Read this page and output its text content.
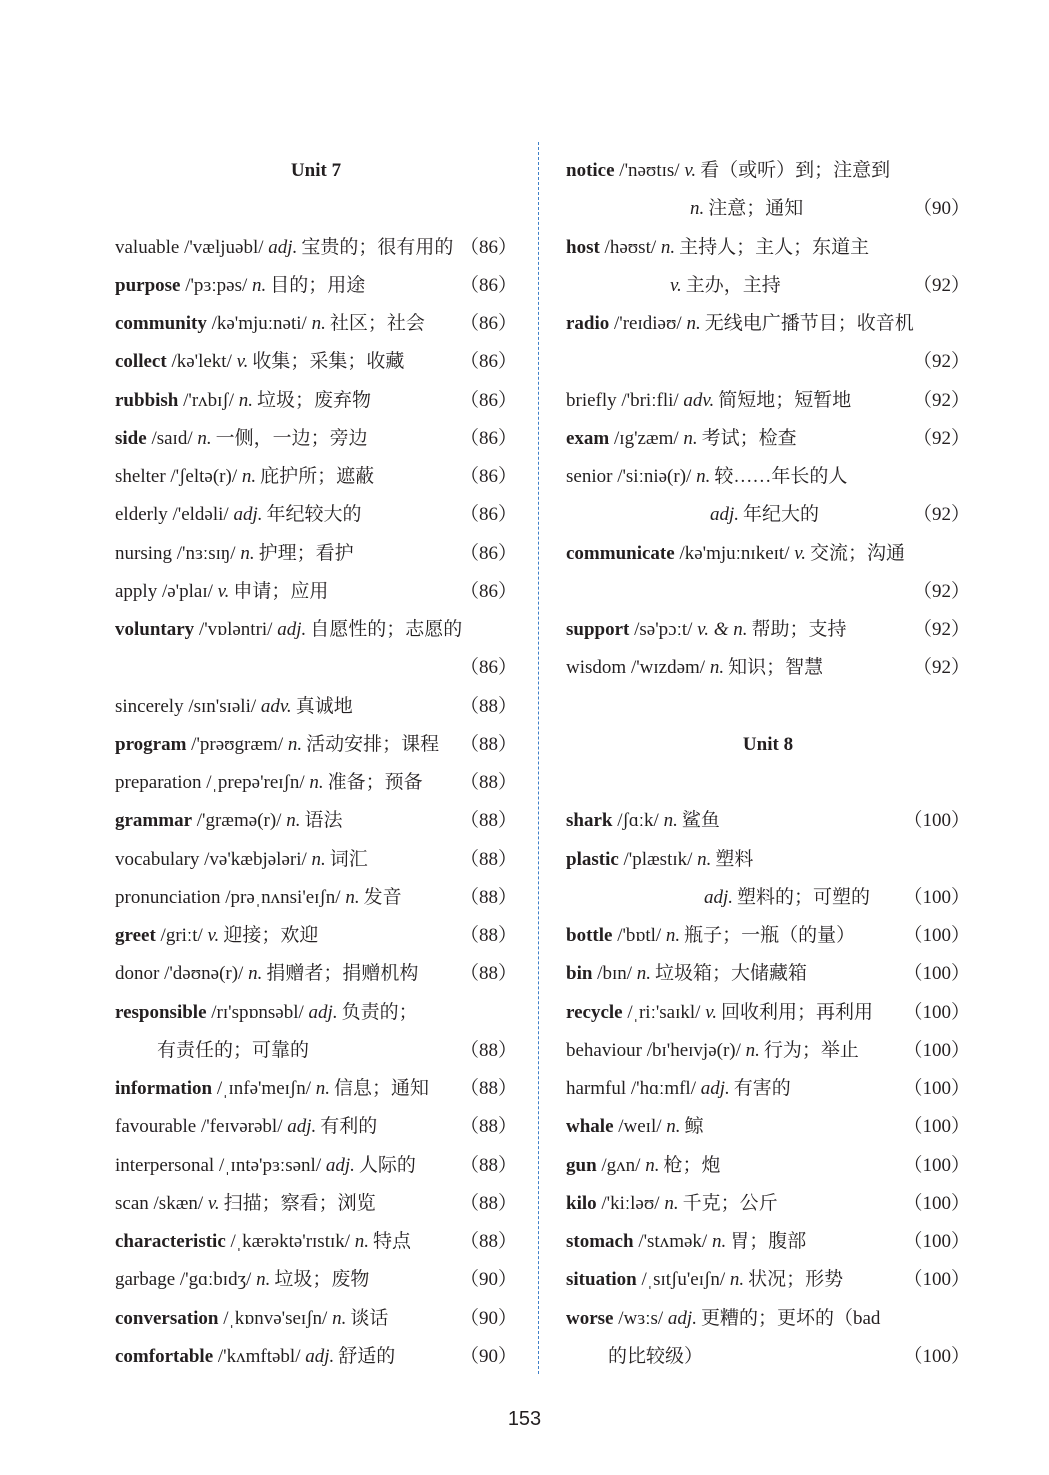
Unit 7
valuable /'væljuəbl/ adj. 宝贵的；很有用的 （86）
purpose /'pɜːpəs/ n. 目的；用途	（86）
community /kə'mjuːnəti/ n. 社区；社会 （86）
collect /kə'lekt/ v. 收集；采集；收藏	（86）
rubbish /'rʌbɪʃ/ n. 垃圾；废弃物	（86）
side /saɪd/ n. 一侧，一边；旁边	（86）
shelter /'ʃeltə(r)/ n. 庇护所；遮蔽	（86）
elderly /'eldəli/ adj. 年纪较大的	（86）
nursing /'nɜːsɪŋ/ n. 护理；看护	（86）
apply /ə'plaɪ/ v. 申请；应用	（86）
voluntary /'vɒləntri/ adj. 自愿性的；志愿的
（86）
sincerely /sɪn'sɪəli/ adv. 真诚地	（88）
program /'prəʊgræm/ n. 活动安排；课程 （88）
preparation /ˌprepə'reɪʃn/ n. 准备；预备 （88）
grammar /'græmə(r)/ n. 语法	（88）
vocabulary /və'kæbjələri/ n. 词汇	（88）
pronunciation /prəˌnʌnsi'eɪʃn/ n. 发音	（88）
greet /griːt/ v. 迎接；欢迎	（88）
donor /'dəʊnə(r)/ n. 捐赠者；捐赠机构 （88）
responsible /rɪ'spɒnsəbl/ adj. 负责的；
有责任的；可靠的	（88）
information /ˌɪnfə'meɪʃn/ n. 信息；通知 （88）
favourable /'feɪvərəbl/ adj. 有利的	（88）
interpersonal /ˌɪntə'pɜːsənl/ adj. 人际的 （88）
scan /skæn/ v. 扫描；察看；浏览	（88）
characteristic /ˌkærəktə'rɪstɪk/ n. 特点	（88）
garbage /'gɑːbɪdʒ/ n. 垃圾；废物	（90）
conversation /ˌkɒnvə'seɪʃn/ n. 谈话	（90）
comfortable /'kʌmftəbl/ adj. 舒适的	（90）
notice /'nəʊtɪs/ v. 看（或听）到；注意到
n. 注意；通知	（90）
host /həʊst/ n. 主持人；主人；东道主
v. 主办，主持	（92）
radio /'reɪdiəʊ/ n. 无线电广播节目；收音机
（92）
briefly /'briːfli/ adv. 简短地；短暂地	（92）
exam /ɪg'zæm/ n. 考试；检查	（92）
senior /'siːniə(r)/ n. 较……年长的人
adj. 年纪大的	（92）
communicate /kə'mjuːnɪkeɪt/ v. 交流；沟通
（92）
support /sə'pɔːt/ v. & n. 帮助；支持	（92）
wisdom /'wɪzdəm/ n. 知识；智慧	（92）
Unit 8
shark /ʃɑːk/ n. 鲨鱼	（100）
plastic /'plæstɪk/ n. 塑料
adj. 塑料的；可塑的 （100）
bottle /'bɒtl/ n. 瓶子；一瓶（的量）	（100）
bin /bɪn/ n. 垃圾箱；大储藏箱	（100）
recycle /ˌriː'saɪkl/ v. 回收利用；再利用 （100）
behaviour /bɪ'heɪvjə(r)/ n. 行为；举止 （100）
harmful /'hɑːmfl/ adj. 有害的	（100）
whale /weɪl/ n. 鲸	（100）
gun /gʌn/ n. 枪；炮	（100）
kilo /'kiːləʊ/ n. 千克；公斤	（100）
stomach /'stʌmək/ n. 胃；腹部	（100）
situation /ˌsɪtʃu'eɪʃn/ n. 状况；形势	（100）
worse /wɜːs/ adj. 更糟的；更坏的（bad
的比较级）	（100）
153
